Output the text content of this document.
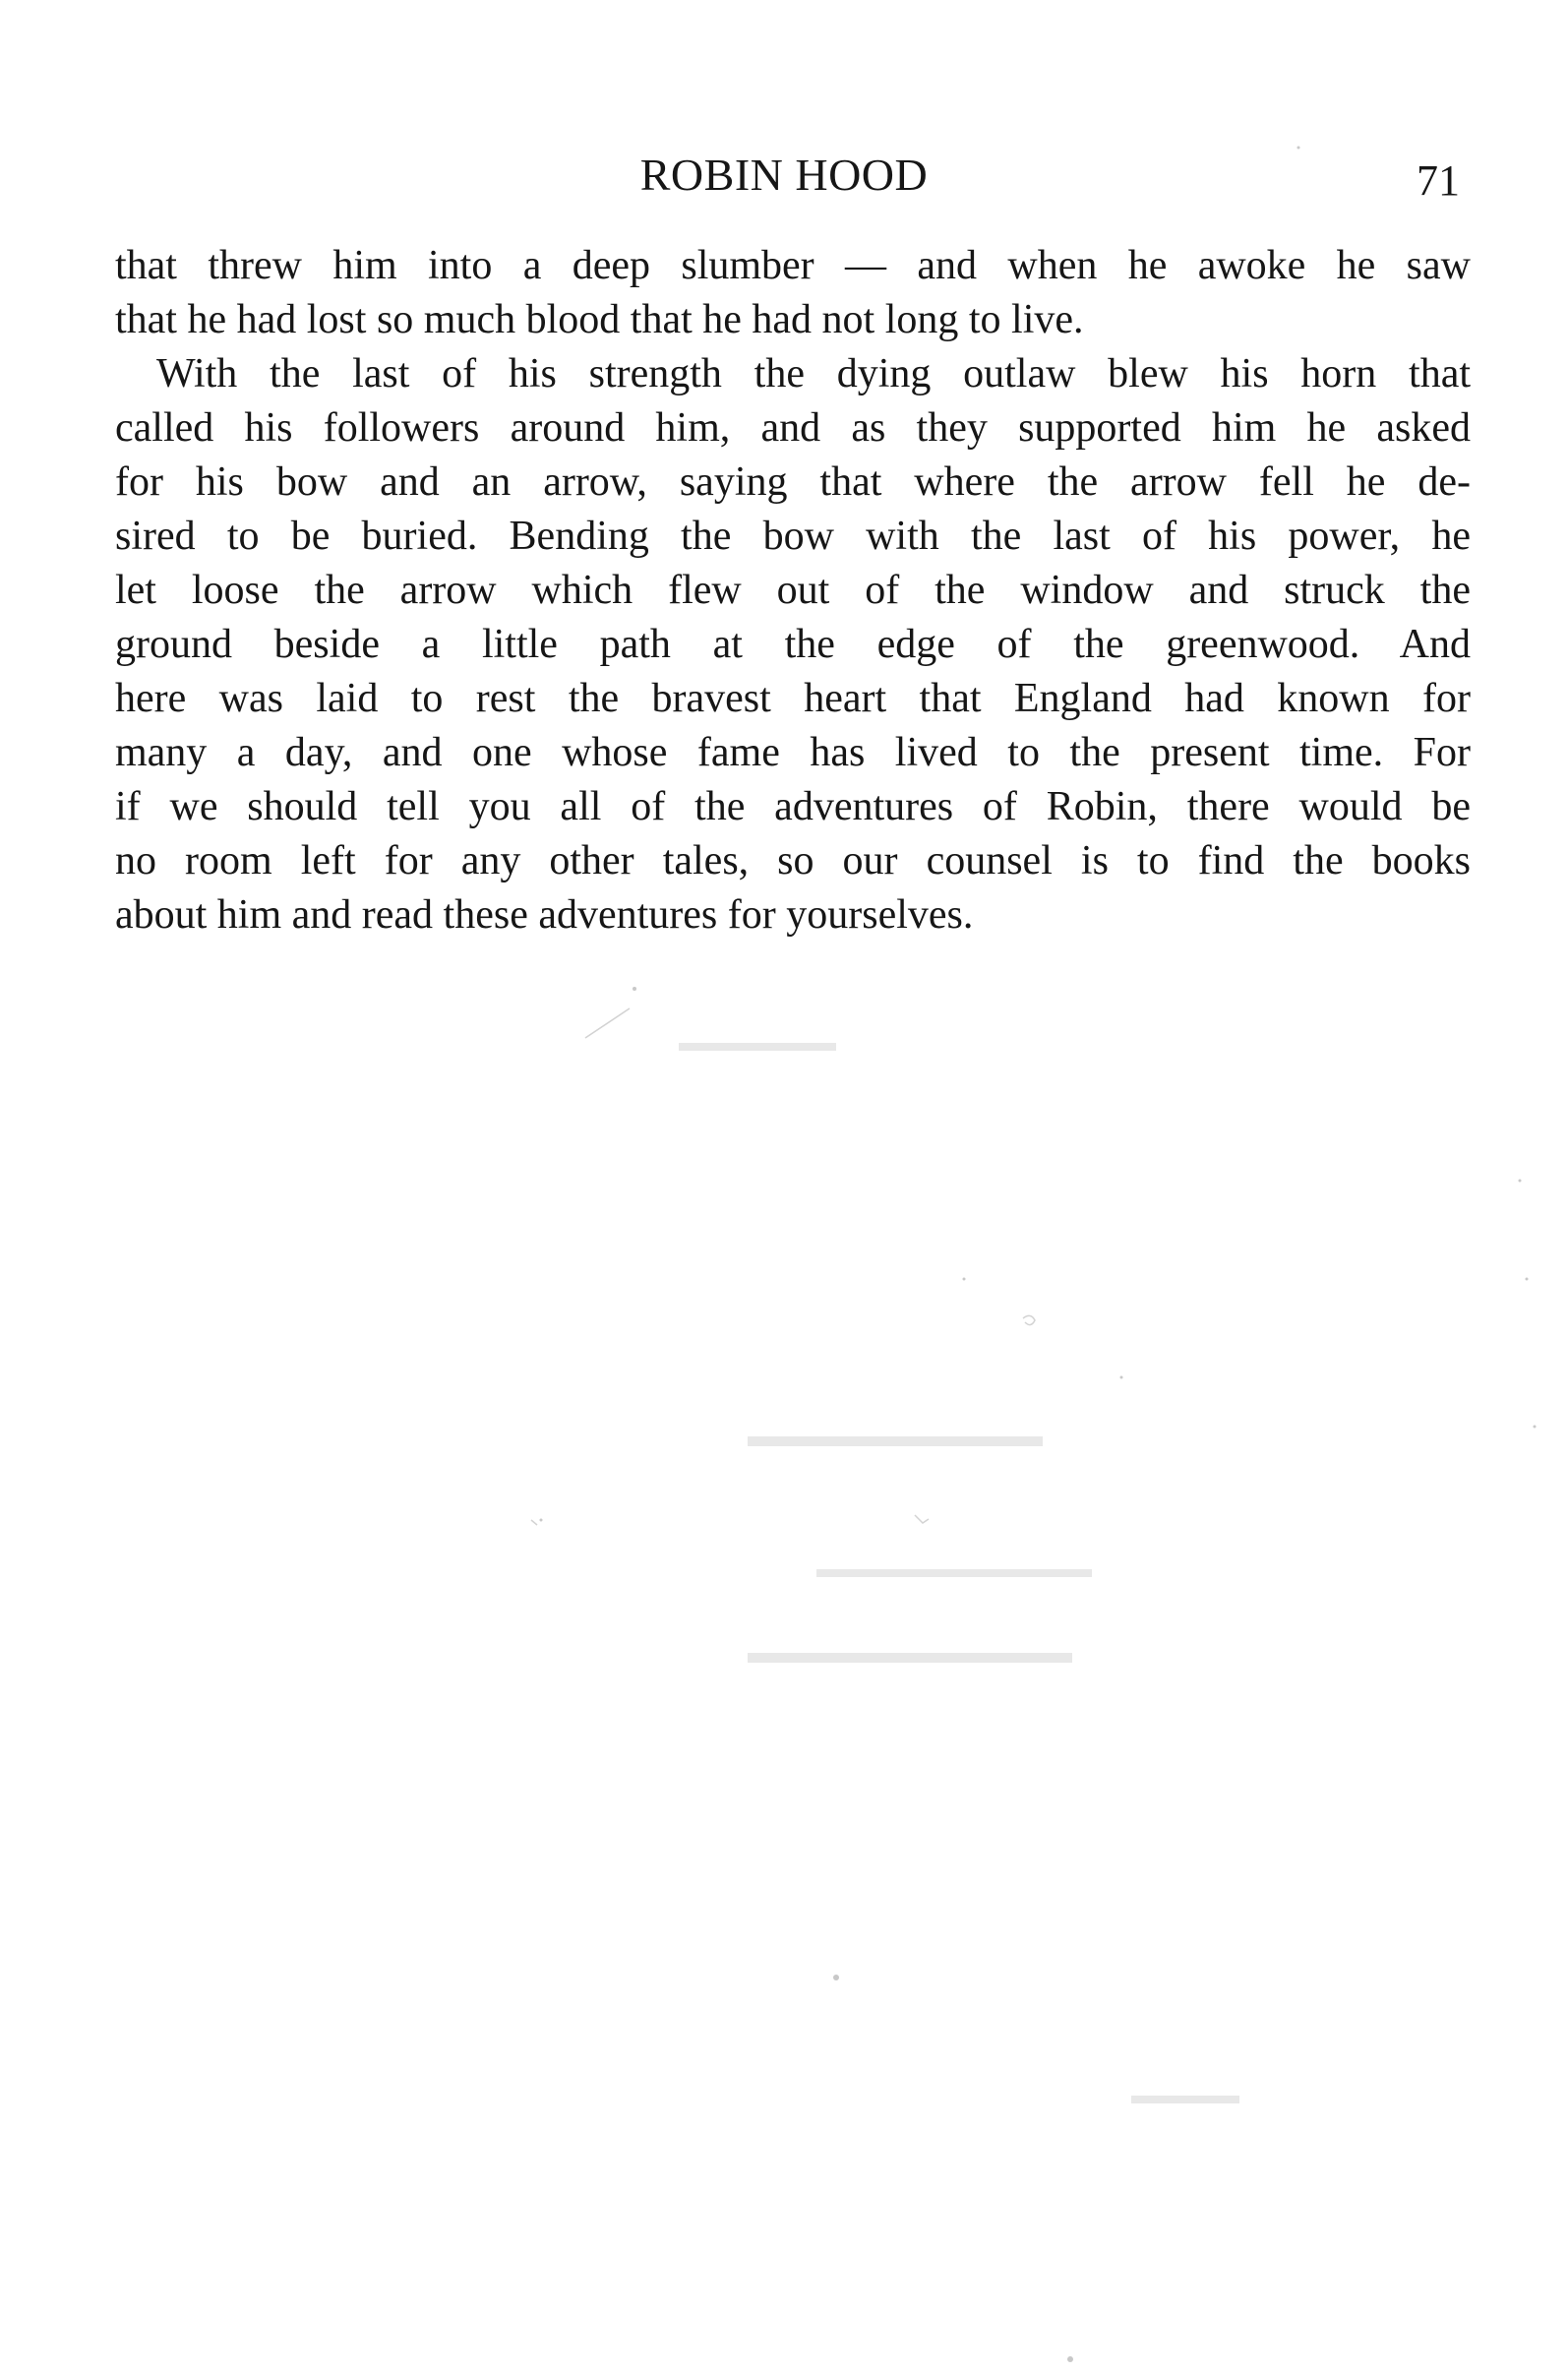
ROBIN HOOD	71
that threw him into a deep slumber — and when he awoke he saw
that he had lost so much blood that he had not long to live.
With the last of his strength the dying outlaw blew his horn that
called his followers around him, and as they supported him he asked
for his bow and an arrow, saying that where the arrow fell he de-
sired to be buried. Bending the bow with the last of his power, he
let loose the arrow which flew out of the window and struck the
ground beside a little path at the edge of the greenwood. And
here was laid to rest the bravest heart that England had known for
many a day, and one whose fame has lived to the present time. For
if we should tell you all of the adventures of Robin, there would be
no room left for any other tales, so our counsel is to find the books
about him and read these adventures for yourselves.
